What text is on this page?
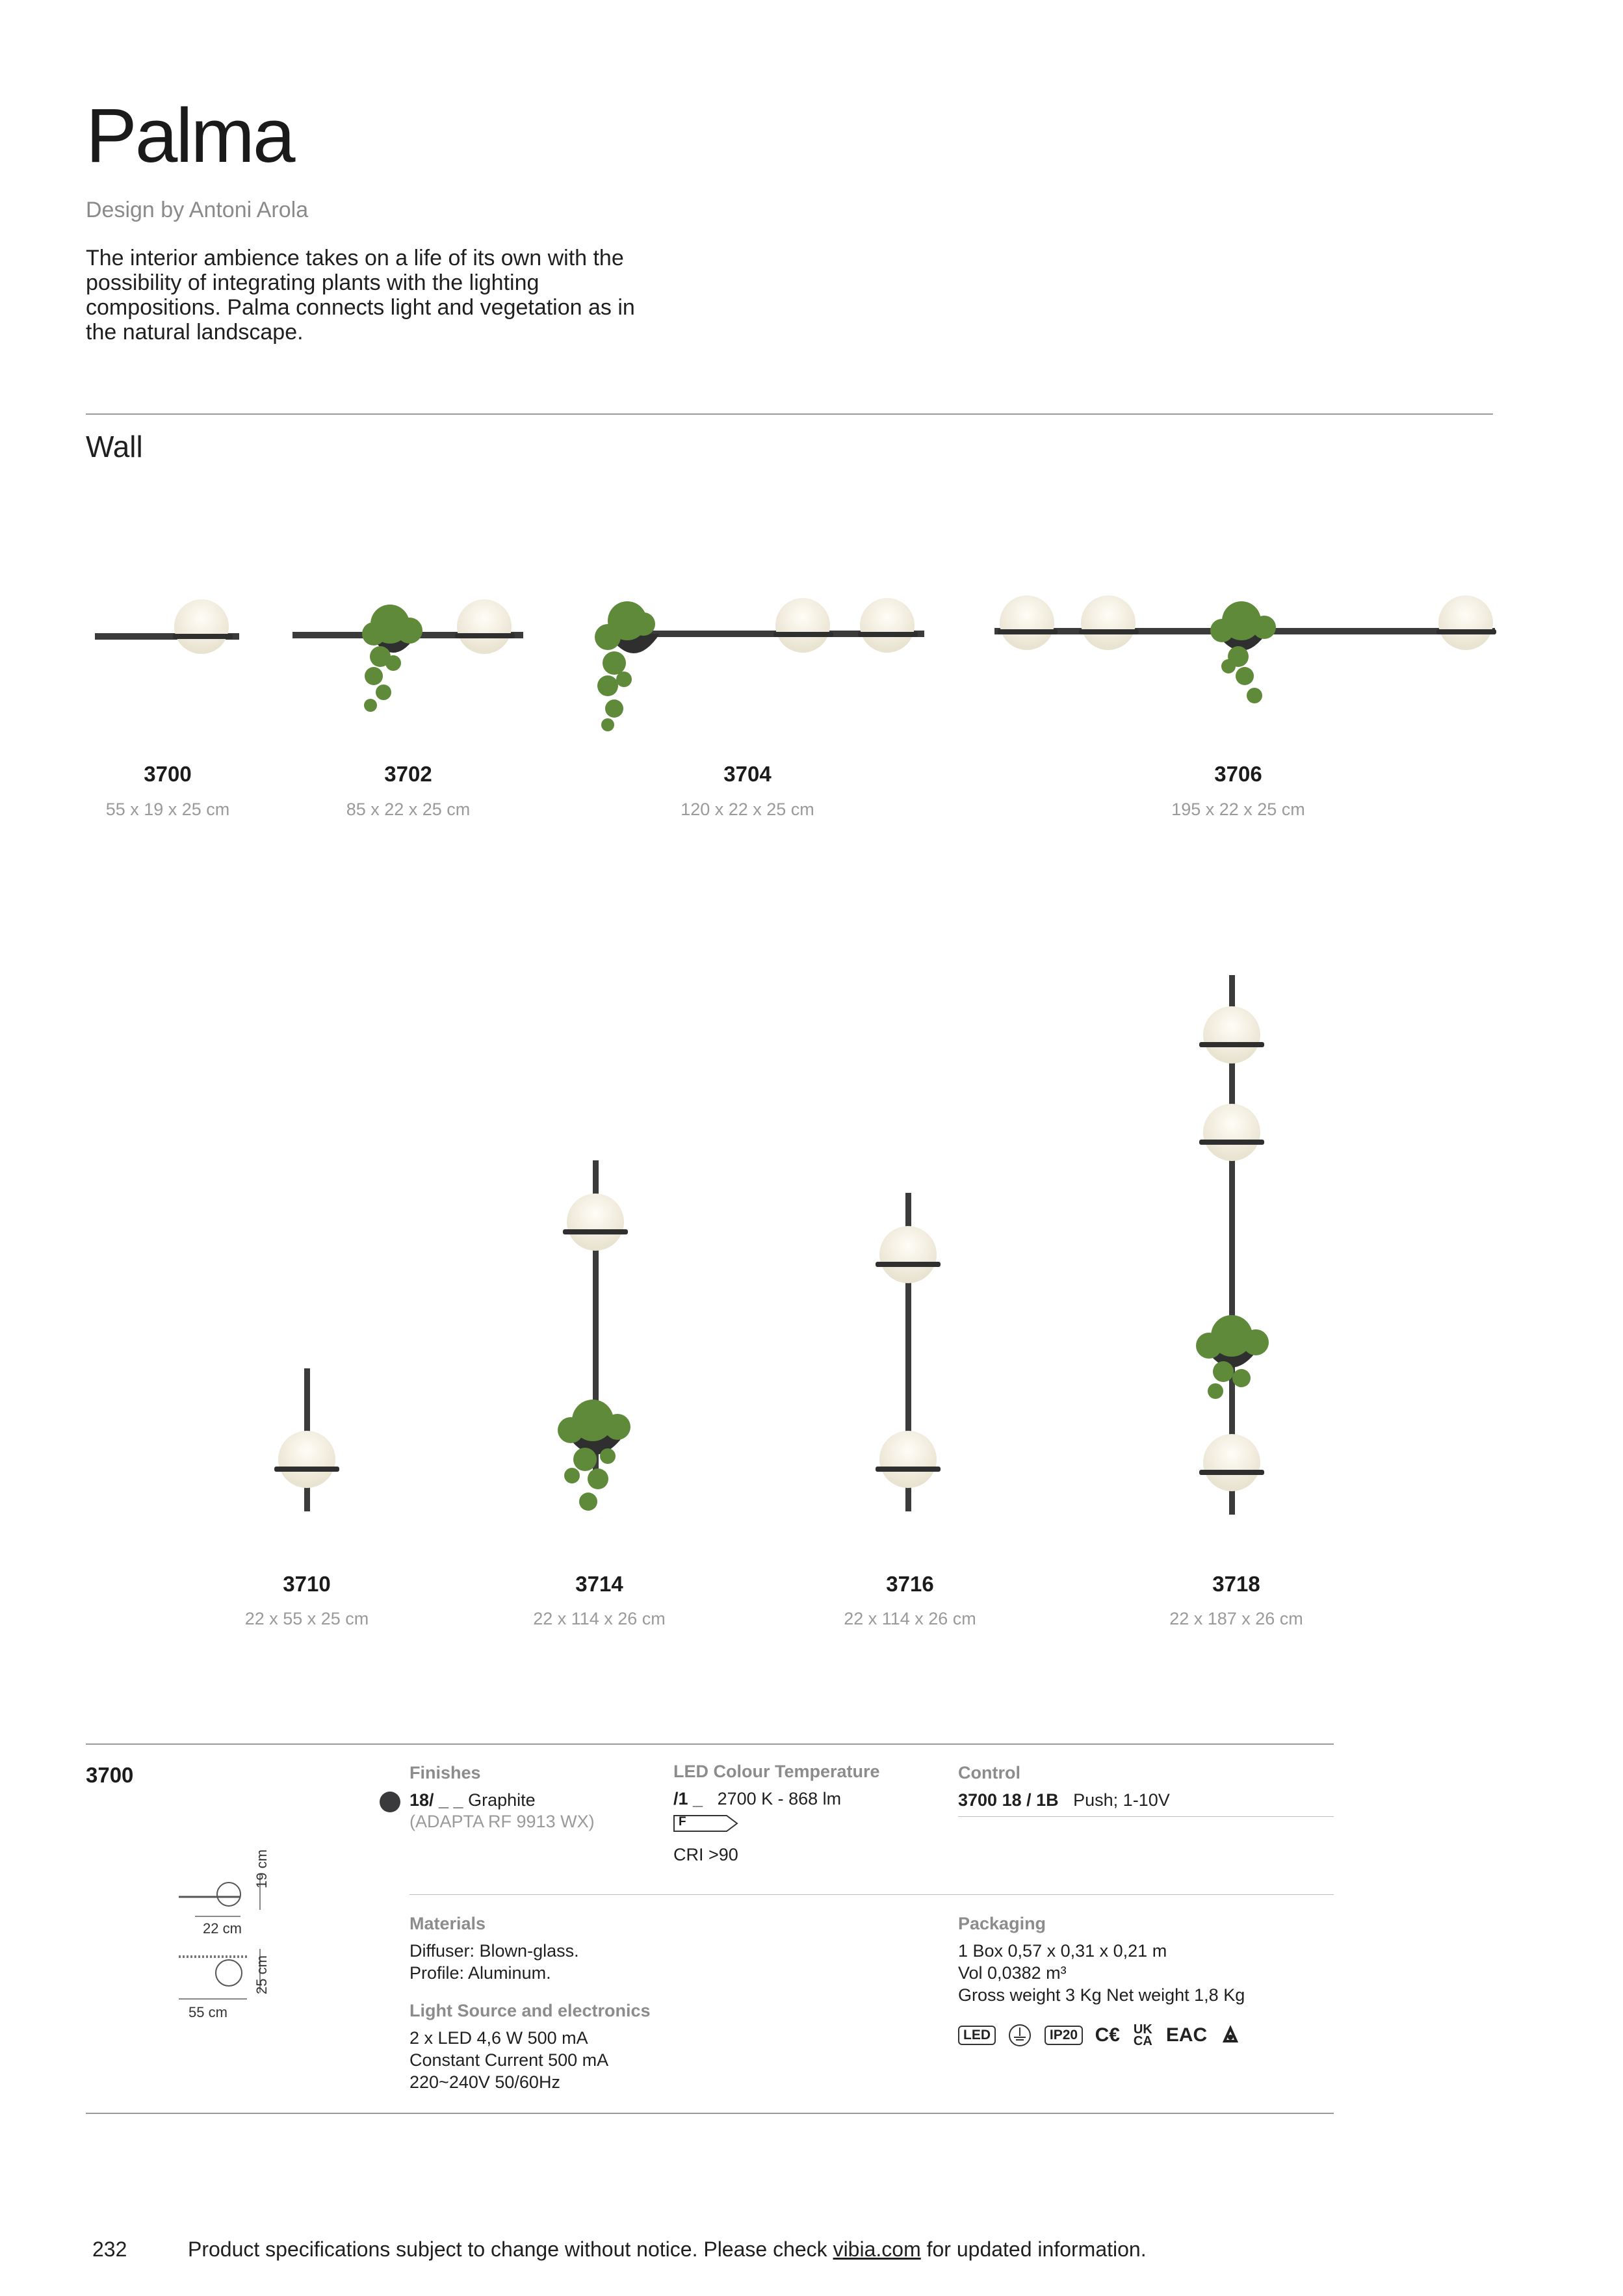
Palma
Design by Antoni Arola

The interior ambience takes on a life of its own with the possibility of integrating plants with the lighting compositions. Palma connects light and vegetation as in the natural landscape.

Wall
3700
55 x 19 x 25 cm
3702
85 x 22 x 25 cm
3704
120 x 22 x 25 cm
3706
195 x 22 x 25 cm
3710
22 x 55 x 25 cm
3714
22 x 114 x 26 cm
3716
22 x 114 x 26 cm
3718
22 x 187 x 26 cm
3700
22 cm
19 cm
25 cm
55 cm
Finishes
18/ _ _ Graphite
(ADAPTA RF 9913 WX)
LED Colour Temperature
/1 _ 2700 K - 868 lm
F
CRI >90
Control
3700 18 / 1B Push; 1-10V
Materials
Diffuser: Blown-glass.
Profile: Aluminum.
Light Source and electronics
2 x LED 4,6 W 500 mA
Constant Current 500 mA
220~240V 50/60Hz
Packaging
1 Box 0,57 x 0,31 x 0,21 m
Vol 0,0382 m³
Gross weight 3 Kg Net weight 1,8 Kg
LED	IP20 C€ UK CA EAC
232	Product specifications subject to change without notice. Please check vibia.com for updated information.
